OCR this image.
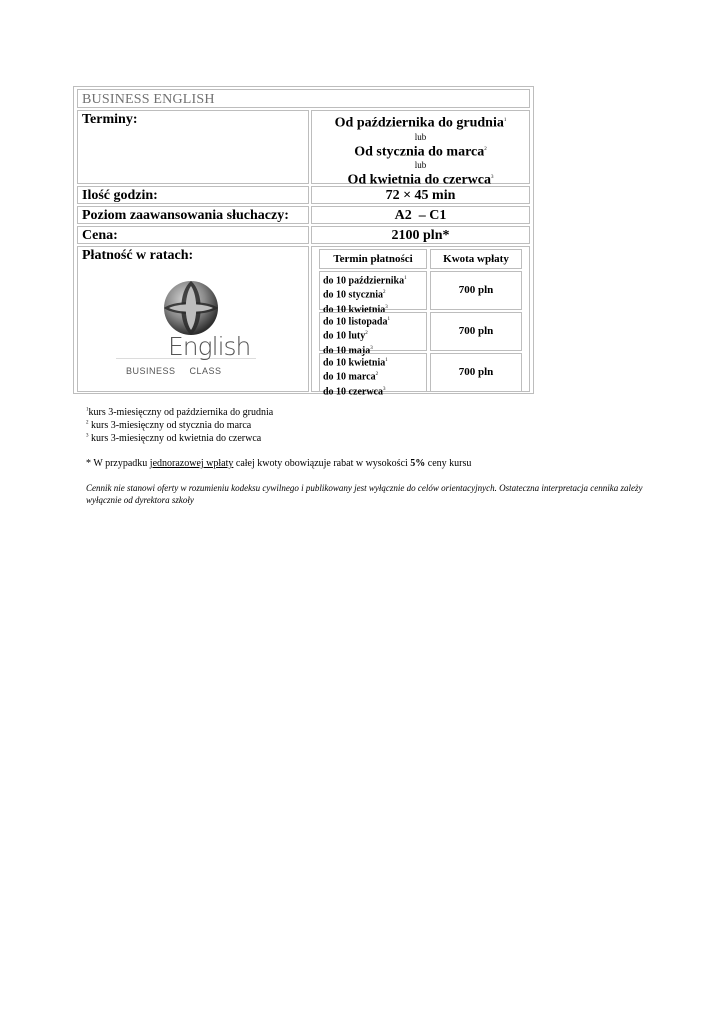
BUSINESS ENGLISH
Terminy:	Od października do grudnia$^1$
lub
Od stycznia do marca$^2$
lub
Od kwietnia do czerwca$^3$
Ilość godzin:	72 × 45 min
Poziom zaawansowania słuchaczy:	A2  – C1
Cena:	2100 pln*
Płatność w ratach:	Termin płatności	Kwota wpłaty
do 10 października$^1$
do 10 stycznia$^2$
do 10 kwietnia$^3$
700 pln
do 10 listopada$^1$
do 10 luty$^2$
do 10 maja$^3$
700 pln
do 10 kwietnia$^1$
do 10 marca$^2$
do 10 czerwca$^3$
700 pln
English
BUSINESS CLASS
$^1$kurs 3-miesięczny od października do grudnia
$^2$ kurs 3-miesięczny od stycznia do marca
$^3$ kurs 3-miesięczny od kwietnia do czerwca
* W przypadku jednorazowej wpłaty całej kwoty obowiązuje rabat w wysokości 5% ceny kursu
Cennik nie stanowi oferty w rozumieniu kodeksu cywilnego i publikowany jest wyłącznie do celów orientacyjnych. Ostateczna interpretacja cennika zależy wyłącznie od dyrektora szkoły
